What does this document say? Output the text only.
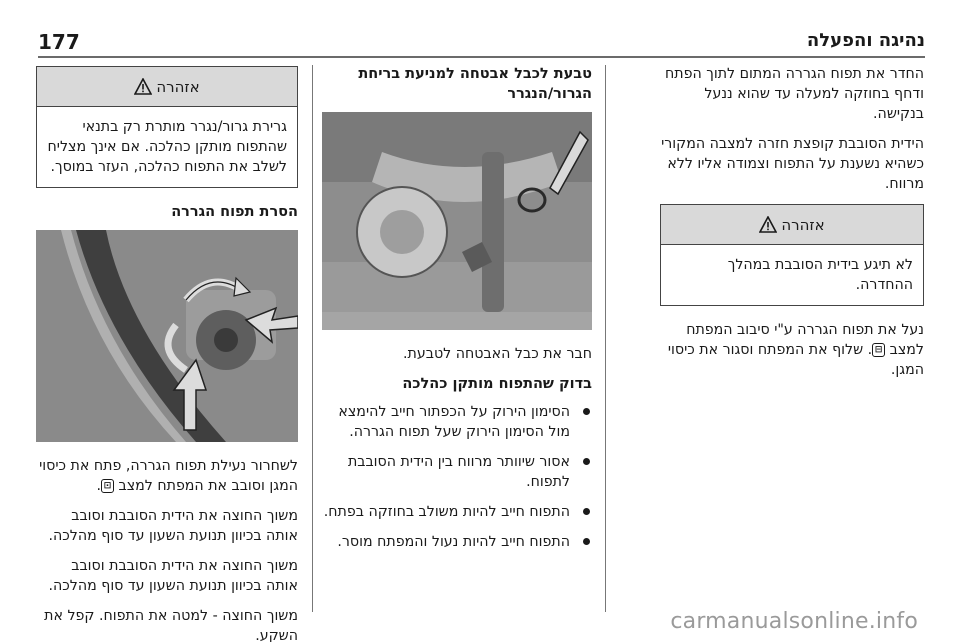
177	נהיגה והפעלה

החדר את תפוח הגררה המתום לתוך הפתח ודחף בחוזקה למעלה עד שהוא ננעל בנקישה.

הידית הסובבת קופצת חזרה למצבה המקורי כשהיא נשענת על התפוח וצמודה אליו ללא מרווח.

אזהרה
לא תיגע בידית הסובבת במהלך ההחדרה.

נעל את תפוח הגררה ע"י סיבוב המפתח למצב ⊟. שלוף את המפתח וסגור את כיסוי המגן.

טבעת לכבל אבטחה למניעת בריחת הגרור/הנגרר

חבר את כבל האבטחה לטבעת.

בדוק שהתפוח מותקן כהלכה
הסימון הירוק על הכפתור חייב להימצא מול הסימון הירוק שעל תפוח הגררה.
אסור שיוותר מרווח בין הידית הסובבת לתפוח.
התפוח חייב להיות משולב בחוזקה בפתח.
התפוח חייב להיות נעול והמפתח מוסר.
אזהרה
גרירת גרור/נגרר מותרת רק בתנאי שהתפוח מותקן כהלכה. אם אינך מצליח לשלב את התפוח כהלכה, העזר במוסך.
הסרת תפוח הגררה

לשחרור נעילת תפוח הגררה, פתח את כיסוי המגן וסובב את המפתח למצב ⊡.

משוך החוצה את הידית הסובבת וסובב אותה בכיוון תנועת השעון עד סוף מהלכה.

משוך החוצה את הידית הסובבת וסובב אותה בכיוון תנועת השעון עד סוף מהלכה.

משוך החוצה - למטה את התפוח. קפל את השקע.

carmanualsonline.info
